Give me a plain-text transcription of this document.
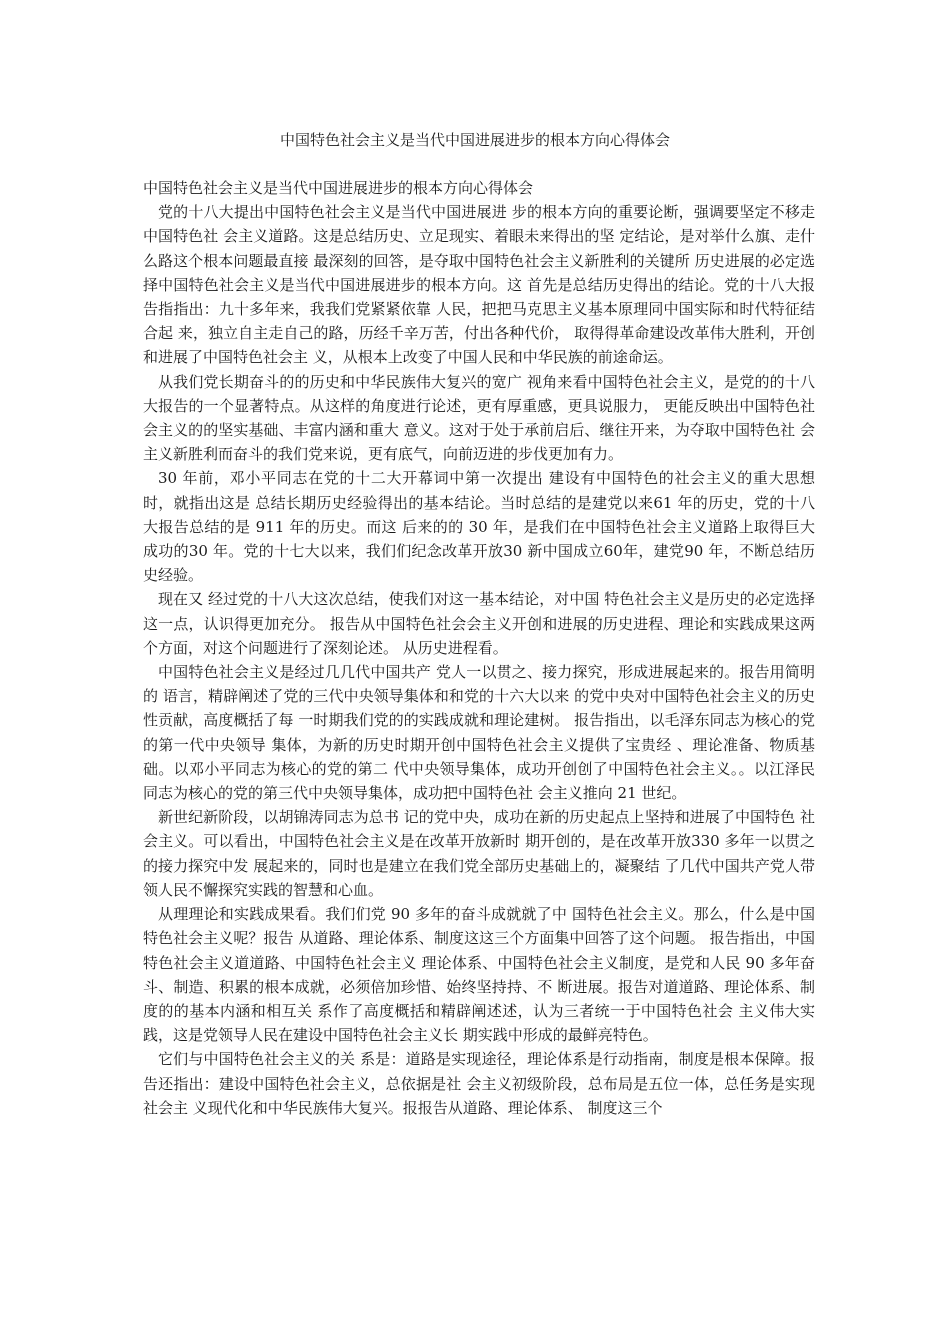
中国特色社会主义是当代中国进展进步的根本方向心得体会

中国特色社会主义是当代中国进展进步的根本方向心得体会

党的十八大提出中国特色社会主义是当代中国进展进 步的根本方向的重要论断，强调要坚定不移走中国特色社 会主义道路。这是总结历史、立足现实、着眼未来得出的坚 定结论，是对举什么旗、走什么路这个根本问题最直接 最深刻的回答，是夺取中国特色社会主义新胜利的关键所 历史进展的必定选择中国特色社会主义是当代中国进展进步的根本方向。这 首先是总结历史得出的结论。党的十八大报告指指出：九十多年来，我我们党紧紧依靠 人民，把把马克思主义基本原理同中国实际和时代特征结合起 来，独立自主走自己的路，历经千辛万苦，付出各种代价， 取得得革命建设改革伟大胜利，开创和进展了中国特色社会主 义，从根本上改变了中国人民和中华民族的前途命运。

从我们党长期奋斗的的历史和中华民族伟大复兴的宽广 视角来看中国特色社会主义，是党的的十八大报告的一个显著特点。从这样的角度进行论述，更有厚重感，更具说服力， 更能反映出中国特色社会主义的的坚实基础、丰富内涵和重大 意义。这对于处于承前启后、继往开来，为夺取中国特色社 会主义新胜利而奋斗的我们党来说，更有底气，向前迈进的步伐更加有力。

30 年前，邓小平同志在党的十二大开幕词中第一次提出 建设有中国特色的社会主义的重大思想时，就指出这是 总结长期历史经验得出的基本结论。当时总结的是建党以来61 年的历史，党的十八大报告总结的是 911 年的历史。而这 后来的的 30 年，是我们在中国特色社会主义道路上取得巨大 成功的30 年。党的十七大以来，我们们纪念改革开放30 新中国成立60年，建党90 年，不断总结历史经验。

现在又 经过党的十八大这次总结，使我们对这一基本结论，对中国 特色社会主义是历史的必定选择这一点，认识得更加充分。 报告从中国特色社会会主义开创和进展的历史进程、理论和实践成果这两个方面，对这个问题进行了深刻论述。 从历史进程看。

中国特色社会主义是经过几几代中国共产 党人一以贯之、接力探究，形成进展起来的。报告用简明的 语言，精辟阐述了党的三代中央领导集体和和党的十六大以来 的党中央对中国特色社会主义的历史性贡献，高度概括了每 一时期我们党的的实践成就和理论建树。 报告指出，以毛泽东同志为核心的党的第一代中央领导 集体，为新的历史时期开创中国特色社会主义提供了宝贵经 、理论准备、物质基础。以邓小平同志为核心的党的第二 代中央领导集体，成功开创创了中国特色社会主义。。以江泽民 同志为核心的党的第三代中央领导集体，成功把中国特色社 会主义推向 21 世纪。

新世纪新阶段，以胡锦涛同志为总书 记的党中央，成功在新的历史起点上坚持和进展了中国特色 社会主义。可以看出，中国特色社会主义是在改革开放新时 期开创的，是在改革开放330 多年一以贯之的接力探究中发 展起来的，同时也是建立在我们党全部历史基础上的，凝聚结 了几代中国共产党人带领人民不懈探究实践的智慧和心血。

从理理论和实践成果看。我们们党 90 多年的奋斗成就就了中 国特色社会主义。那么，什么是中国特色社会主义呢？报告 从道路、理论体系、制度这这三个方面集中回答了这个问题。 报告指出，中国特色社会主义道道路、中国特色社会主义 理论体系、中国特色社会主义制度，是党和人民 90 多年奋 斗、制造、积累的根本成就，必须倍加珍惜、始终坚持持、不 断进展。报告对道道路、理论体系、制度的的基本内涵和相互关 系作了高度概括和精辟阐述述，认为三者统一于中国特色社会 主义伟大实践，这是党领导人民在建设中国特色社会主义长 期实践中形成的最鲜亮特色。

它们与中国特色社会主义的关 系是：道路是实现途径，理论体系是行动指南，制度是根本保障。报告还指出：建设中国特色社会主义，总依据是社 会主义初级阶段，总布局是五位一体，总任务是实现社会主 义现代化和中华民族伟大复兴。报报告从道路、理论体系、 制度这三个
